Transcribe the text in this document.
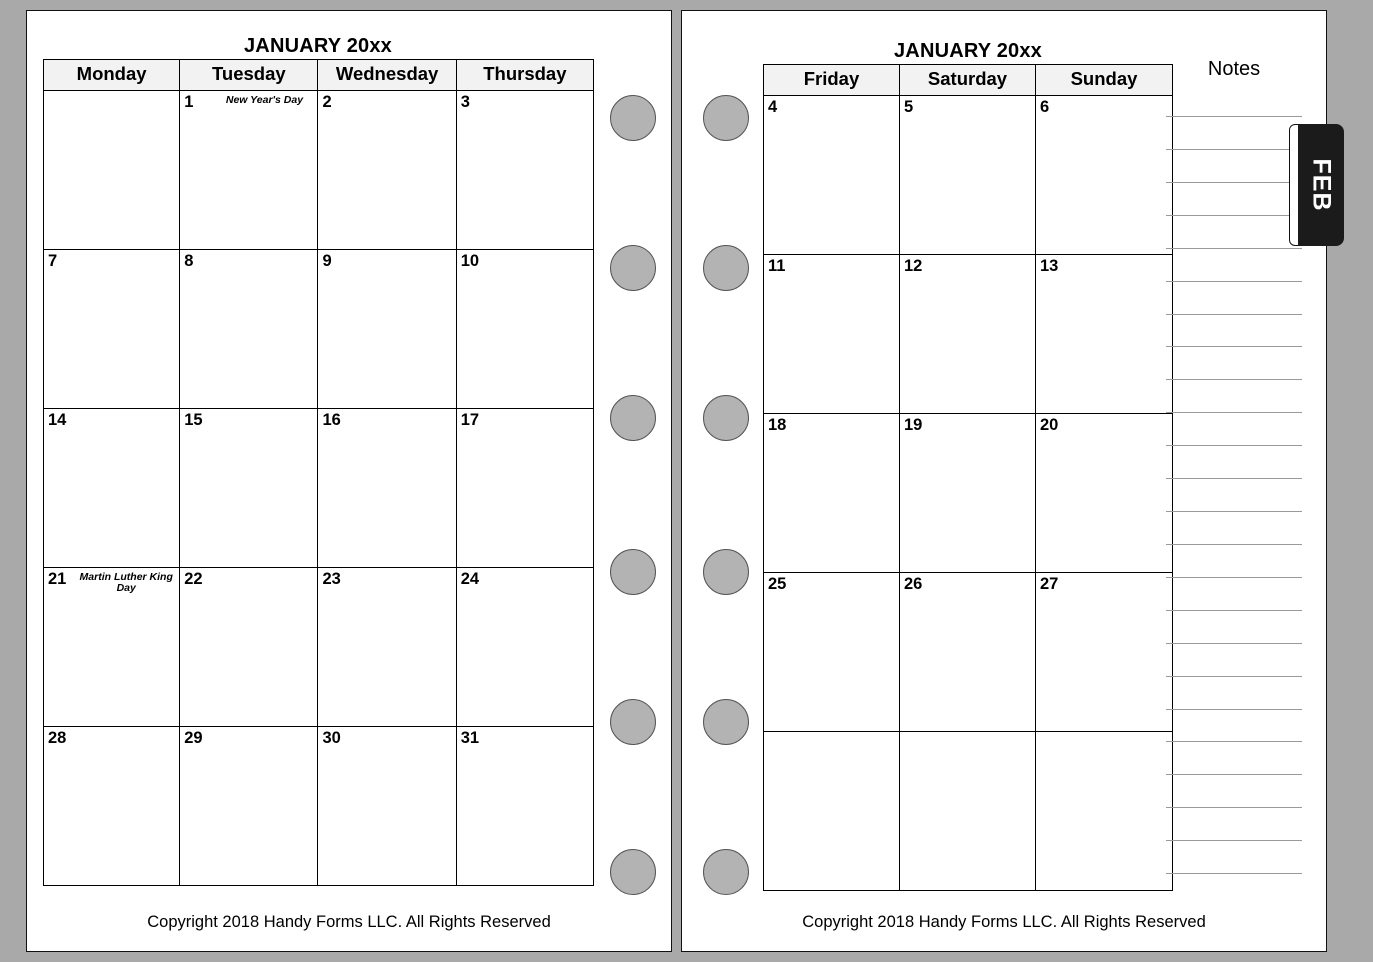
JANUARY 20xx
Monday	Tuesday	Wednesday	Thursday

	1 New Year's Day	2	3

7	8	9	10

14	15	16	17

21 Martin Luther King Day	22	23	24

28	29	30	31
Copyright 2018 Handy Forms LLC. All Rights Reserved
JANUARY 20xx
Friday	Saturday	Sunday

4	5	6

11	12	13

18	19	20

25	26	27

Copyright 2018 Handy Forms LLC. All Rights Reserved
Notes
FEB
